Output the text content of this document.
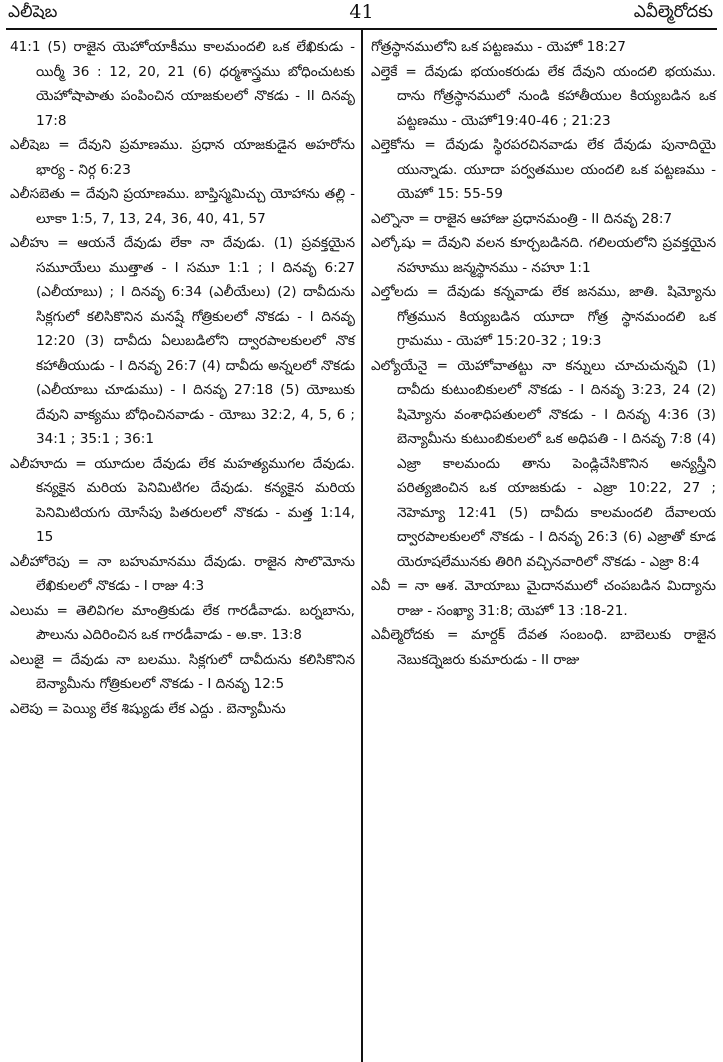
ఎలీషెబ	41	ఎవీల్మెరోదకు

41:1 (5) రాజైన యెహోయాకీము కాలమందలి ఒక లేఖికుడు - యిర్మీ 36 : 12, 20, 21 (6) ధర్మశాస్త్రము బోధించుటకు యెహోషాపాతు పంపించిన యాజకులలో నొకడు - II దినవృ 17:8

ఎలీషెబ = దేవుని ప్రమాణము. ప్రధాన యాజకుడైన అహరోను భార్య - నిర్గ 6:23

ఎలీసబెతు = దేవుని ప్రయాణము. బాప్తిస్మమిచ్చు యోహాను తల్లి - లూకా 1:5, 7, 13, 24, 36, 40, 41, 57

ఎలీహు = ఆయనే దేవుడు లేకా నా దేవుడు. (1) ప్రవక్తయైన సమూయేలు ముత్తాత - I సమూ 1:1 ; I దినవృ 6:27 (ఎలీయాబు) ; I దినవృ 6:34 (ఎలీయేలు) (2) దావీదును సిక్లగులో కలిసికొనిన మనష్షే గోత్రికులలో నొకడు - I దినవృ 12:20 (3) దావీదు ఏలుబడిలోని ద్వారపాలకులలో నొక కహాతీయుడు - I దినవృ 26:7 (4) దావీదు అన్నలలో నొకడు (ఎలీయాబు చూడుము) - I దినవృ 27:18 (5) యోబుకు దేవుని వాక్యము బోధించినవాడు - యోబు 32:2, 4, 5, 6 ; 34:1 ; 35:1 ; 36:1

ఎలీహూదు = యూదుల దేవుడు లేక మహత్యముగల దేవుడు. కన్యకైన మరియ పెనిమిటిగల దేవుడు. కన్యకైన మరియ పెనిమిటియగు యోసేపు పితరులలో నొకడు - మత్త 1:14, 15

ఎలీహోరెపు = నా బహుమానము దేవుడు. రాజైన సొలొమోను లేఖికులలో నొకడు - I రాజు 4:3

ఎలుమ = తెలివిగల మాంత్రికుడు లేక గారడీవాడు. బర్నబాను, పౌలును ఎదిరించిన ఒక గారడీవాడు - అ.కా. 13:8

ఎలుజై = దేవుడు నా బలము. సిక్లగులో దావీదును కలిసికొనిన బెన్యామీను గోత్రికులలో నొకడు - I దినవృ 12:5

ఎలెపు = పెయ్యి లేక శిష్యుడు లేక ఎద్దు . బెన్యామీను

గోత్రస్థానములోని ఒక పట్టణము - యెహో 18:27

ఎల్తెకే = దేవుడు భయంకరుడు లేక దేవుని యందలి భయము. దాను గోత్రస్థానములో నుండి కహాతీయుల కియ్యబడిన ఒక పట్టణము - యెహో19:40-46 ; 21:23

ఎల్తెకోను = దేవుడు స్థిరపరచినవాడు లేక దేవుడు పునాదియై యున్నాడు. యూదా పర్వతముల యందలి ఒక పట్టణము - యెహో 15: 55-59

ఎల్నొనా = రాజైన ఆహాజు ప్రధానమంత్రి - II దినవృ 28:7

ఎల్కోషు = దేవుని వలన కూర్చబడినది. గలిలయలోని ప్రవక్తయైన నహూము జన్మస్థానము - నహూ 1:1

ఎల్తోలదు = దేవుడు కన్నవాడు లేక జనము, జాతి. షిమ్యోను గోత్రమున కియ్యబడిన యూదా గోత్ర స్థానమందలి ఒక గ్రామము - యెహో 15:20-32 ; 19:3

ఎల్యోయేనై = యెహోవాతట్టు నా కన్నులు చూచుచున్నవి (1) దావీదు కుటుంబికులలో నొకడు - I దినవృ 3:23, 24 (2) షిమ్యోను వంశాధిపతులలో నొకడు - I దినవృ 4:36 (3) బెన్యామీను కుటుంబికులలో ఒక అధిపతి - I దినవృ 7:8 (4) ఎజ్రా కాలమందు తాను పెండ్లిచేసికొనిన అన్యస్త్రీని పరిత్యజించిన ఒక యాజకుడు - ఎజ్రా 10:22, 27 ; నెహెమ్యా 12:41 (5) దావీదు కాలమందలి దేవాలయ ద్వారపాలకులలో నొకడు - I దినవృ 26:3 (6) ఎజ్రాతో కూడ యెరూషలేమునకు తిరిగి వచ్చినవారిలో నొకడు - ఎజ్రా 8:4

ఎవీ = నా ఆశ. మోయాబు మైదానములో చంపబడిన మిద్యాను రాజు - సంఖ్యా 31:8; యెహో 13 :18-21.

ఎవీల్మెరోదకు = మార్దక్ దేవత సంబంధి. బాబెలుకు రాజైన నెబుకద్నెజరు కుమారుడు - II రాజు
